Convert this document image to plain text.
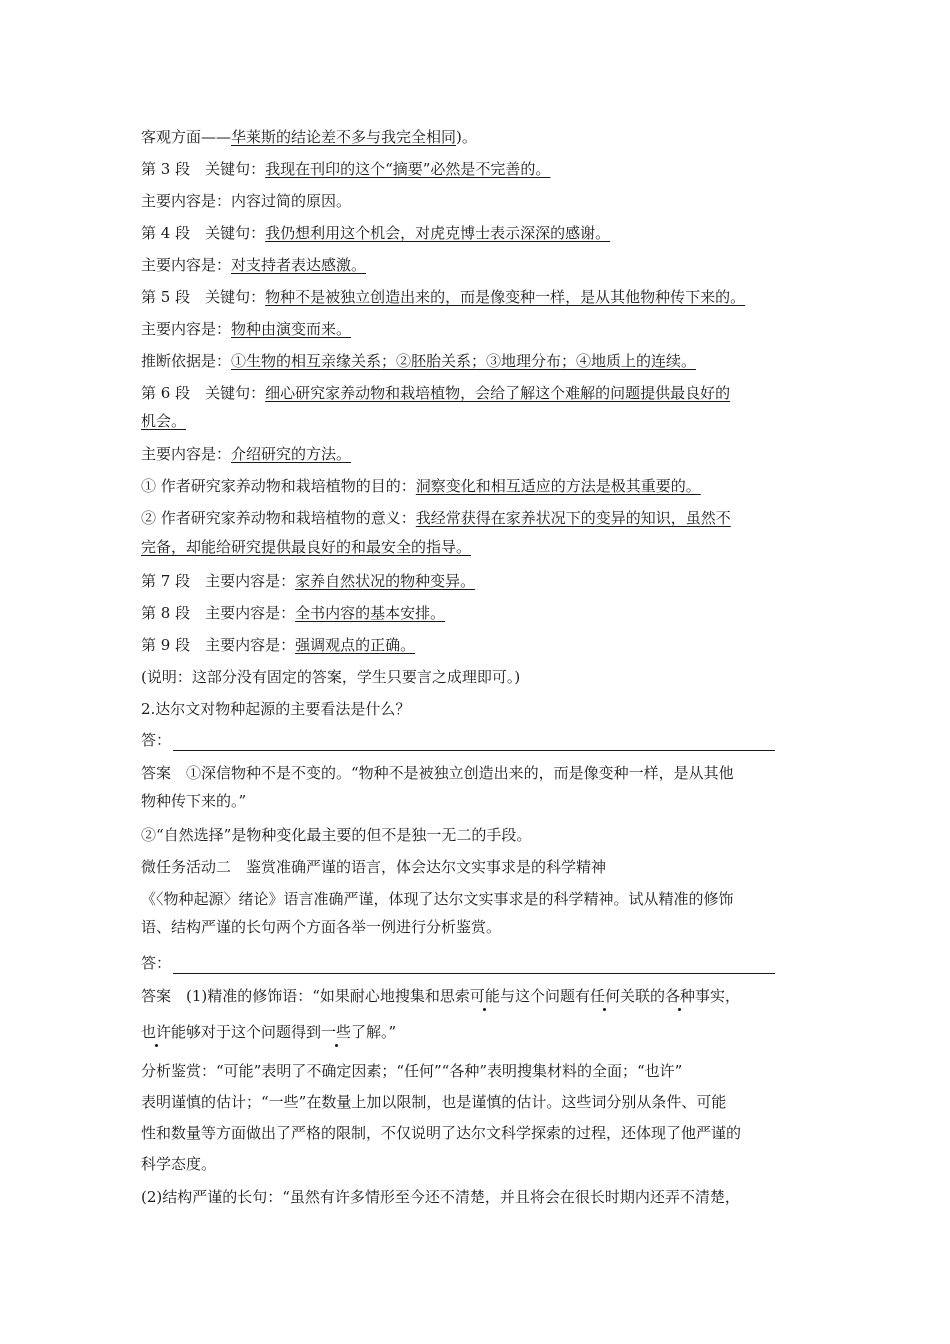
客观方面——华莱斯的结论差不多与我完全相同)。
第 3 段　关键句：我现在刊印的这个“摘要”必然是不完善的。
主要内容是：内容过简的原因。
第 4 段　关键句：我仍想利用这个机会，对虎克博士表示深深的感谢。
主要内容是：对支持者表达感激。
第 5 段　关键句：物种不是被独立创造出来的，而是像变种一样，是从其他物种传下来的。
主要内容是：物种由演变而来。
推断依据是：①生物的相互亲缘关系；②胚胎关系；③地理分布；④地质上的连续。
第 6 段　关键句：细心研究家养动物和栽培植物，会给了解这个难解的问题提供最良好的
机会。
主要内容是：介绍研究的方法。
① 作者研究家养动物和栽培植物的目的：洞察变化和相互适应的方法是极其重要的。
② 作者研究家养动物和栽培植物的意义：我经常获得在家养状况下的变异的知识，虽然不
完备，却能给研究提供最良好的和最安全的指导。
第 7 段　主要内容是：家养自然状况的物种变异。
第 8 段　主要内容是：全书内容的基本安排。
第 9 段　主要内容是：强调观点的正确。
(说明：这部分没有固定的答案，学生只要言之成理即可。)
2.达尔文对物种起源的主要看法是什么？
答：
答案　①深信物种不是不变的。“物种不是被独立创造出来的，而是像变种一样，是从其他
物种传下来的。”
②“自然选择”是物种变化最主要的但不是独一无二的手段。
微任务活动二　鉴赏准确严谨的语言，体会达尔文实事求是的科学精神
《〈物种起源〉绪论》语言准确严谨，体现了达尔文实事求是的科学精神。试从精准的修饰
语、结构严谨的长句两个方面各举一例进行分析鉴赏。
答：
答案　(1)精准的修饰语：“如果耐心地搜集和思索可能与这个问题有任何关联的各种事实，
也许能够对于这个问题得到一些了解。”
分析鉴赏：“可能”表明了不确定因素；“任何”“各种”表明搜集材料的全面；“也许”
表明谨慎的估计；“一些”在数量上加以限制，也是谨慎的估计。这些词分别从条件、可能
性和数量等方面做出了严格的限制，不仅说明了达尔文科学探索的过程，还体现了他严谨的
科学态度。
(2)结构严谨的长句：“虽然有许多情形至今还不清楚，并且将会在很长时期内还弄不清楚，
